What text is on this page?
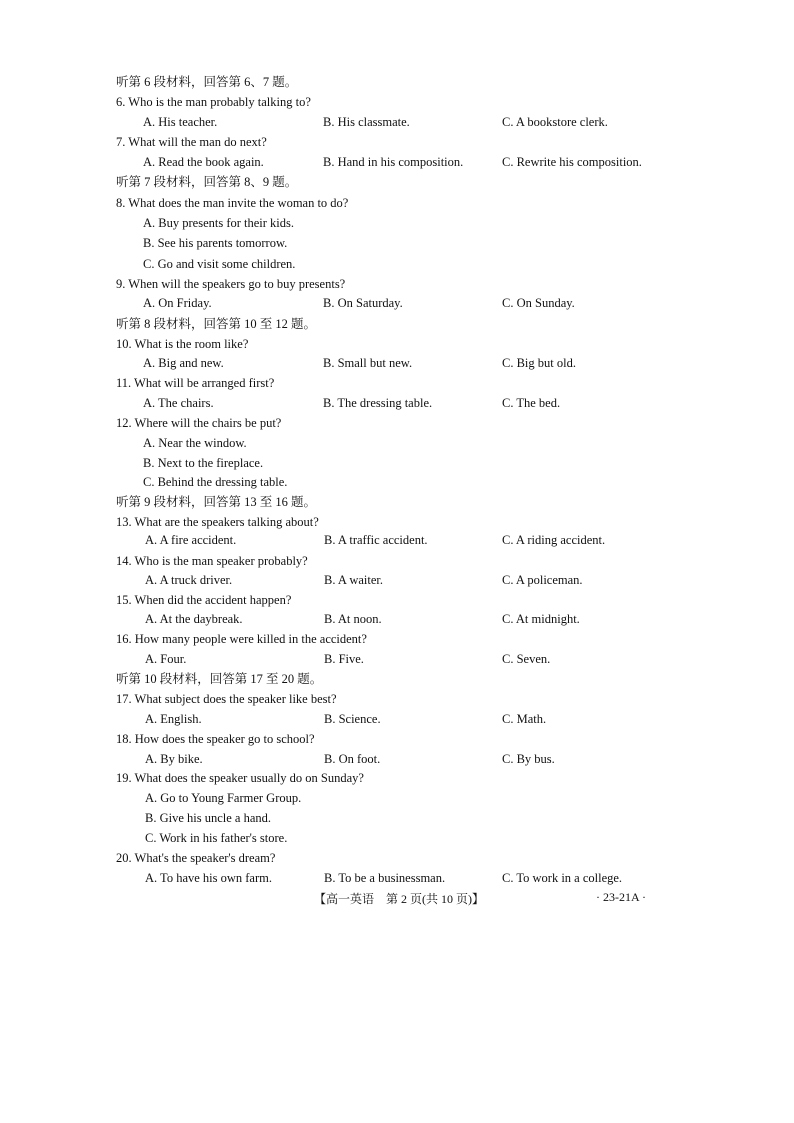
听第 6 段材料，回答第 6、7 题。
6. Who is the man probably talking to?
A. His teacher.	B. His classmate.	C. A bookstore clerk.
7. What will the man do next?
A. Read the book again.	B. Hand in his composition.	C. Rewrite his composition.
听第 7 段材料，回答第 8、9 题。
8. What does the man invite the woman to do?
A. Buy presents for their kids.
B. See his parents tomorrow.
C. Go and visit some children.
9. When will the speakers go to buy presents?
A. On Friday.	B. On Saturday.	C. On Sunday.
听第 8 段材料，回答第 10 至 12 题。
10. What is the room like?
A. Big and new.	B. Small but new.	C. Big but old.
11. What will be arranged first?
A. The chairs.	B. The dressing table.	C. The bed.
12. Where will the chairs be put?
A. Near the window.
B. Next to the fireplace.
C. Behind the dressing table.
听第 9 段材料，回答第 13 至 16 题。
13. What are the speakers talking about?
A. A fire accident.	B. A traffic accident.	C. A riding accident.
14. Who is the man speaker probably?
A. A truck driver.	B. A waiter.	C. A policeman.
15. When did the accident happen?
A. At the daybreak.	B. At noon.	C. At midnight.
16. How many people were killed in the accident?
A. Four.	B. Five.	C. Seven.
听第 10 段材料，回答第 17 至 20 题。
17. What subject does the speaker like best?
A. English.	B. Science.	C. Math.
18. How does the speaker go to school?
A. By bike.	B. On foot.	C. By bus.
19. What does the speaker usually do on Sunday?
A. Go to Young Farmer Group.
B. Give his uncle a hand.
C. Work in his father's store.
20. What's the speaker's dream?
A. To have his own farm.	B. To be a businessman.	C. To work in a college.
【高一英语　第 2 页(共 10 页)】	· 23-21A ·
